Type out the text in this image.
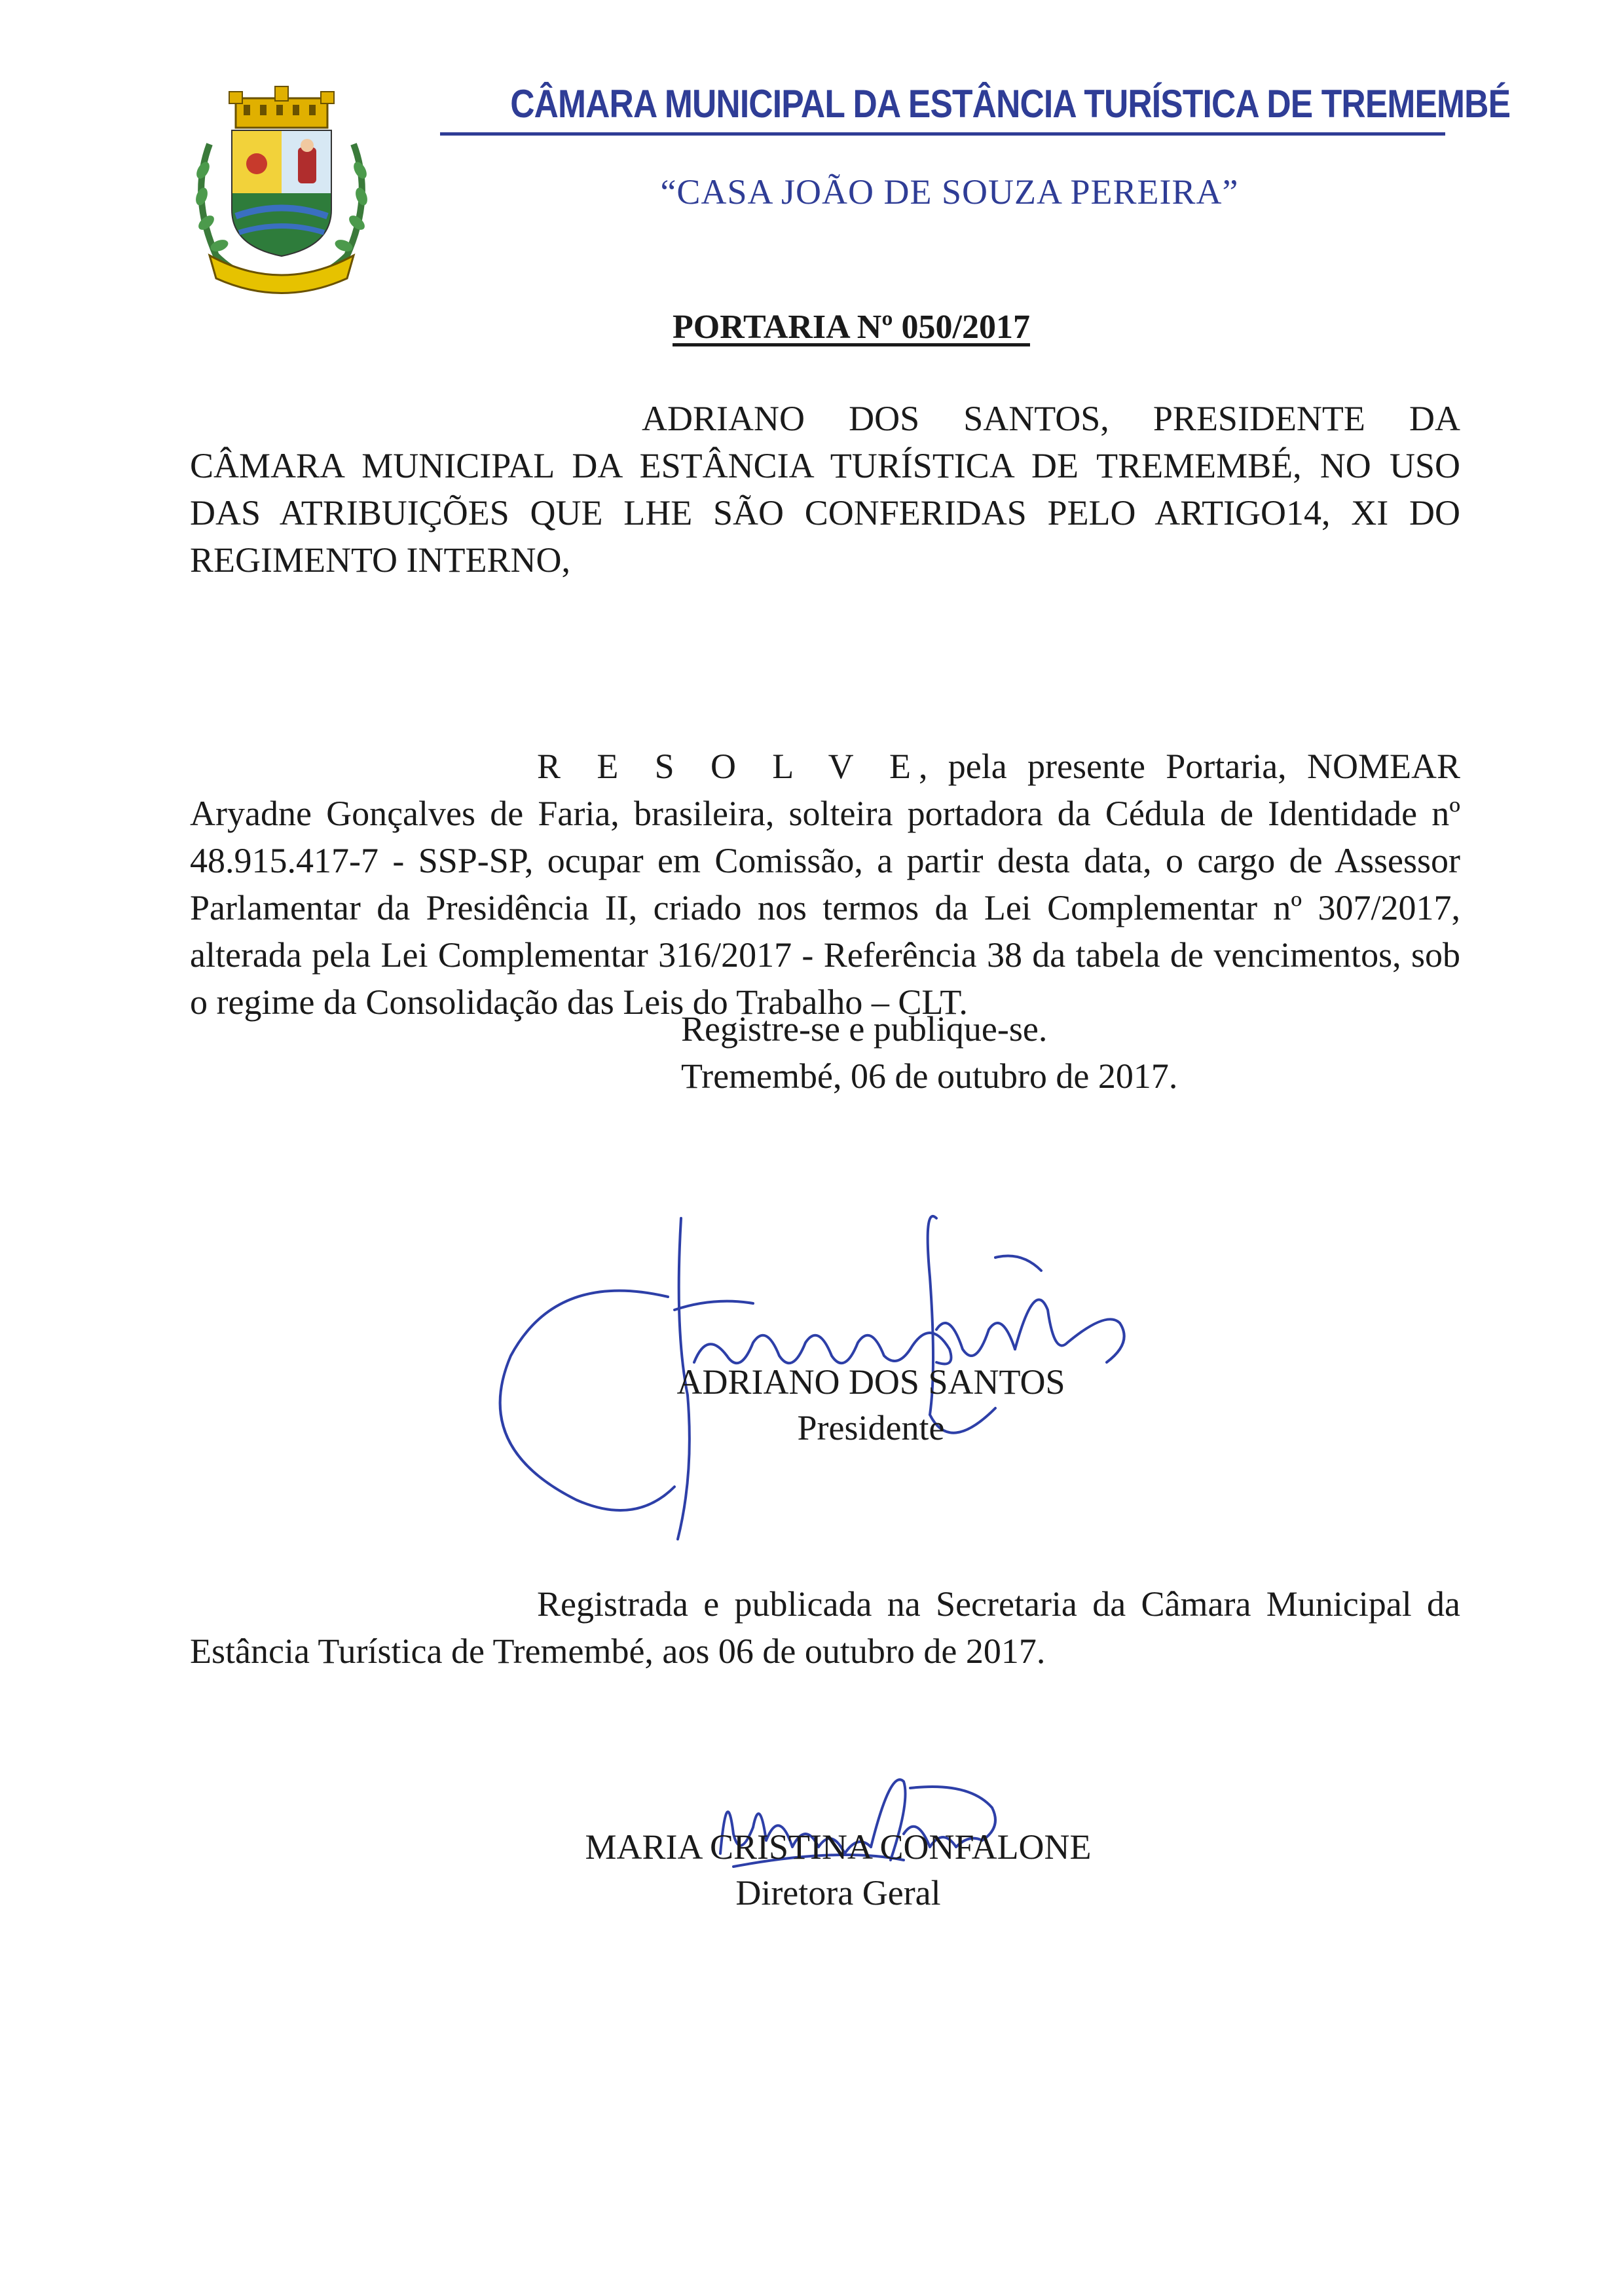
CÂMARA MUNICIPAL DA ESTÂNCIA TURÍSTICA DE TREMEMBÉ
“CASA JOÃO DE SOUZA PEREIRA”
PORTARIA Nº 050/2017
ADRIANO DOS SANTOS, PRESIDENTE DA CÂMARA MUNICIPAL DA ESTÂNCIA TURÍSTICA DE TREMEMBÉ, NO USO DAS ATRIBUIÇÕES QUE LHE SÃO CONFERIDAS PELO ARTIGO14, XI DO REGIMENTO INTERNO,
R E S O L V E, pela presente Portaria, NOMEAR Aryadne Gonçalves de Faria, brasileira, solteira portadora da Cédula de Identidade nº 48.915.417-7 - SSP-SP, ocupar em Comissão, a partir desta data, o cargo de Assessor Parlamentar da Presidência II, criado nos termos da Lei Complementar nº 307/2017, alterada pela Lei Complementar 316/2017 - Referência 38 da tabela de vencimentos, sob o regime da Consolidação das Leis do Trabalho – CLT.
Registre-se e publique-se.
Tremembé, 06 de outubro de 2017.
ADRIANO DOS SANTOS
Presidente
Registrada e publicada na Secretaria da Câmara Municipal da Estância Turística de Tremembé, aos 06 de outubro de 2017.
MARIA CRISTINA CONFALONE
Diretora Geral
